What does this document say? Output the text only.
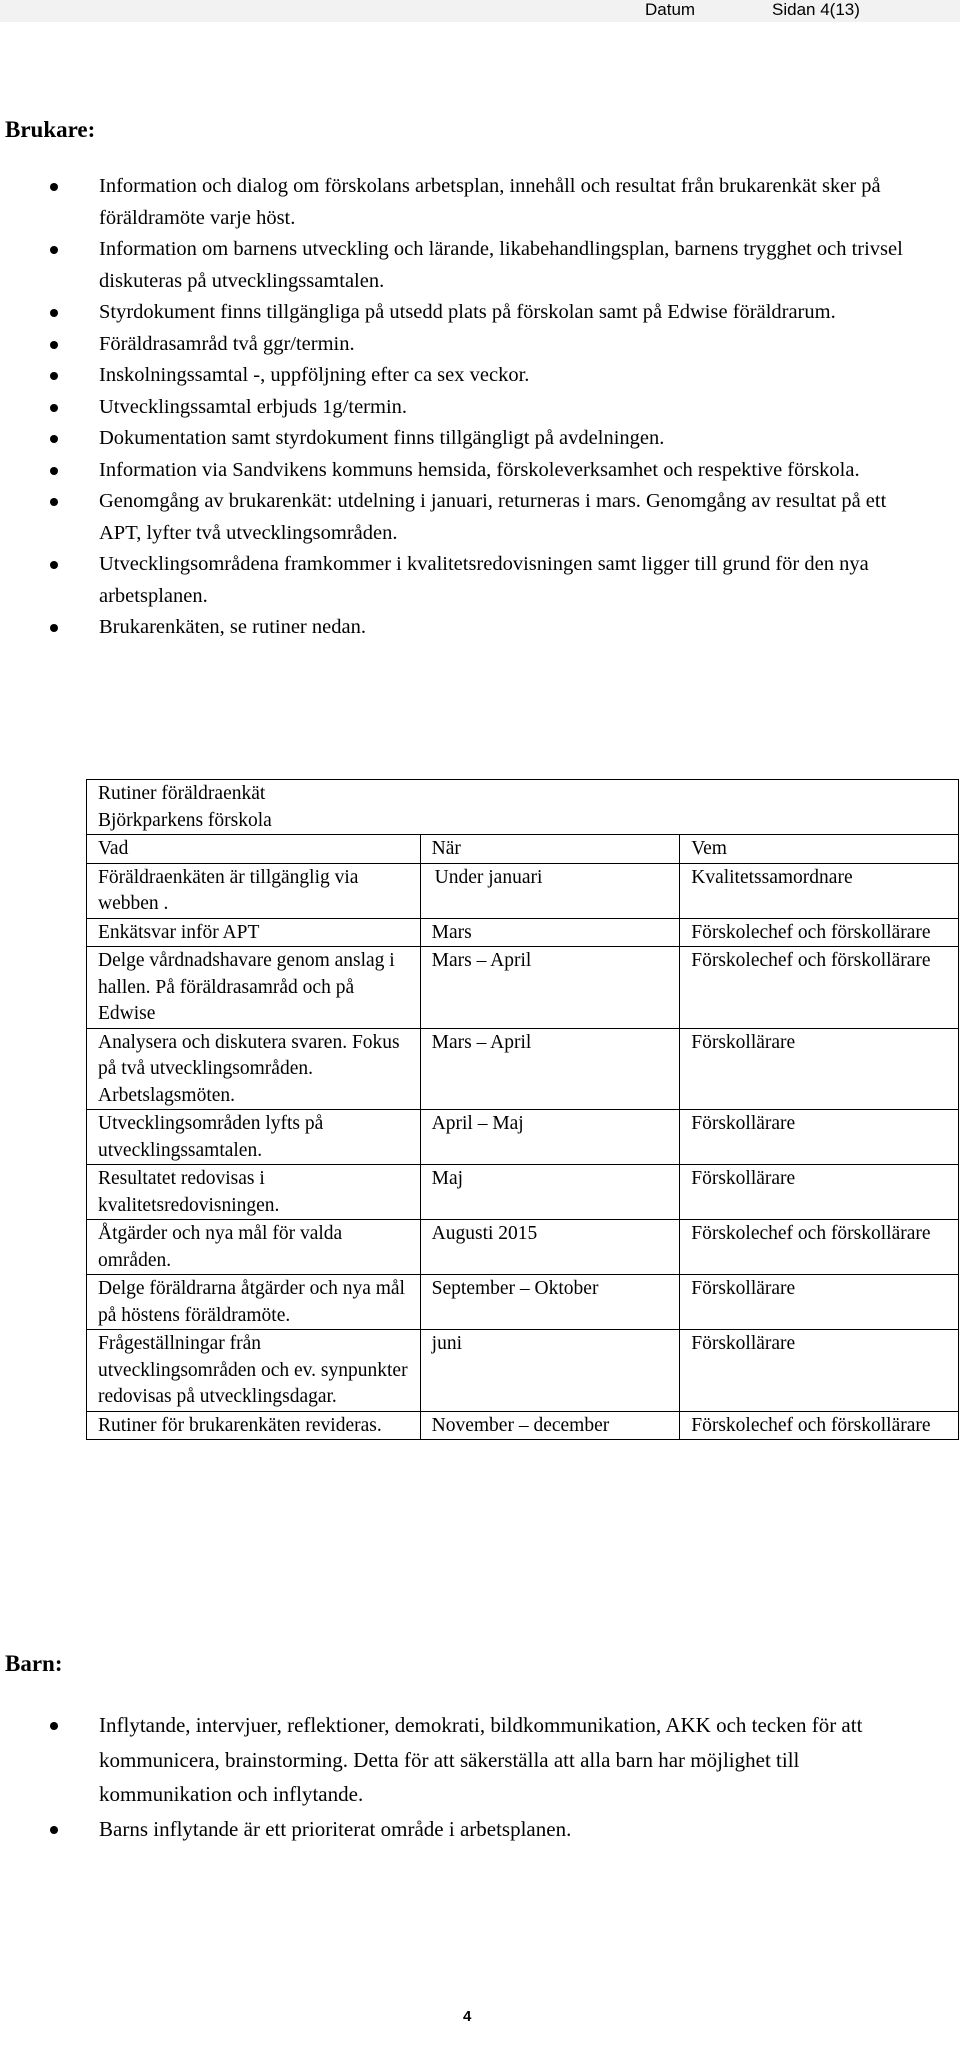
Datum	Sidan 4(13)
Brukare:
Information och dialog om förskolans arbetsplan, innehåll och resultat från brukarenkät sker på föräldramöte varje höst.
Information om barnens utveckling och lärande, likabehandlingsplan, barnens trygghet och trivsel diskuteras på utvecklingssamtalen.
Styrdokument finns tillgängliga på utsedd plats på förskolan samt på Edwise föräldrarum.
Föräldrasamråd två ggr/termin.
Inskolningssamtal -, uppföljning efter ca sex veckor.
Utvecklingssamtal erbjuds 1g/termin.
Dokumentation samt styrdokument finns tillgängligt på avdelningen.
Information via Sandvikens kommuns hemsida, förskoleverksamhet och respektive förskola.
Genomgång av brukarenkät: utdelning i januari, returneras i mars. Genomgång av resultat på ett APT, lyfter två utvecklingsområden.
Utvecklingsområdena framkommer i kvalitetsredovisningen samt ligger till grund för den nya arbetsplanen.
Brukarenkäten, se rutiner nedan.
Rutiner föräldraenkät
Björkparkens förskola		

Vad	När	Vem
Föräldraenkäten är tillgänglig via webben .	Under januari	Kvalitetssamordnare
Enkätsvar inför APT	Mars	Förskolechef och förskollärare
Delge vårdnadshavare genom anslag i hallen. På föräldrasamråd och på Edwise	Mars – April	Förskolechef och förskollärare
Analysera och diskutera svaren. Fokus på två utvecklingsområden. Arbetslagsmöten.	Mars – April	Förskollärare
Utvecklingsområden lyfts på utvecklingssamtalen.	April – Maj	Förskollärare
Resultatet redovisas i kvalitetsredovisningen.	Maj	Förskollärare
Åtgärder och nya mål för valda områden.	Augusti 2015	Förskolechef och förskollärare
Delge föräldrarna åtgärder och nya mål på höstens föräldramöte.	September – Oktober	Förskollärare
Frågeställningar från utvecklingsområden och ev. synpunkter redovisas på utvecklingsdagar.	juni	Förskollärare
Rutiner för brukarenkäten revideras.	November – december	Förskolechef och förskollärare
Barn:
Inflytande, intervjuer, reflektioner, demokrati, bildkommunikation, AKK och tecken för att kommunicera, brainstorming. Detta för att säkerställa att alla barn har möjlighet till kommunikation och inflytande.
Barns inflytande är ett prioriterat område i arbetsplanen.
4
